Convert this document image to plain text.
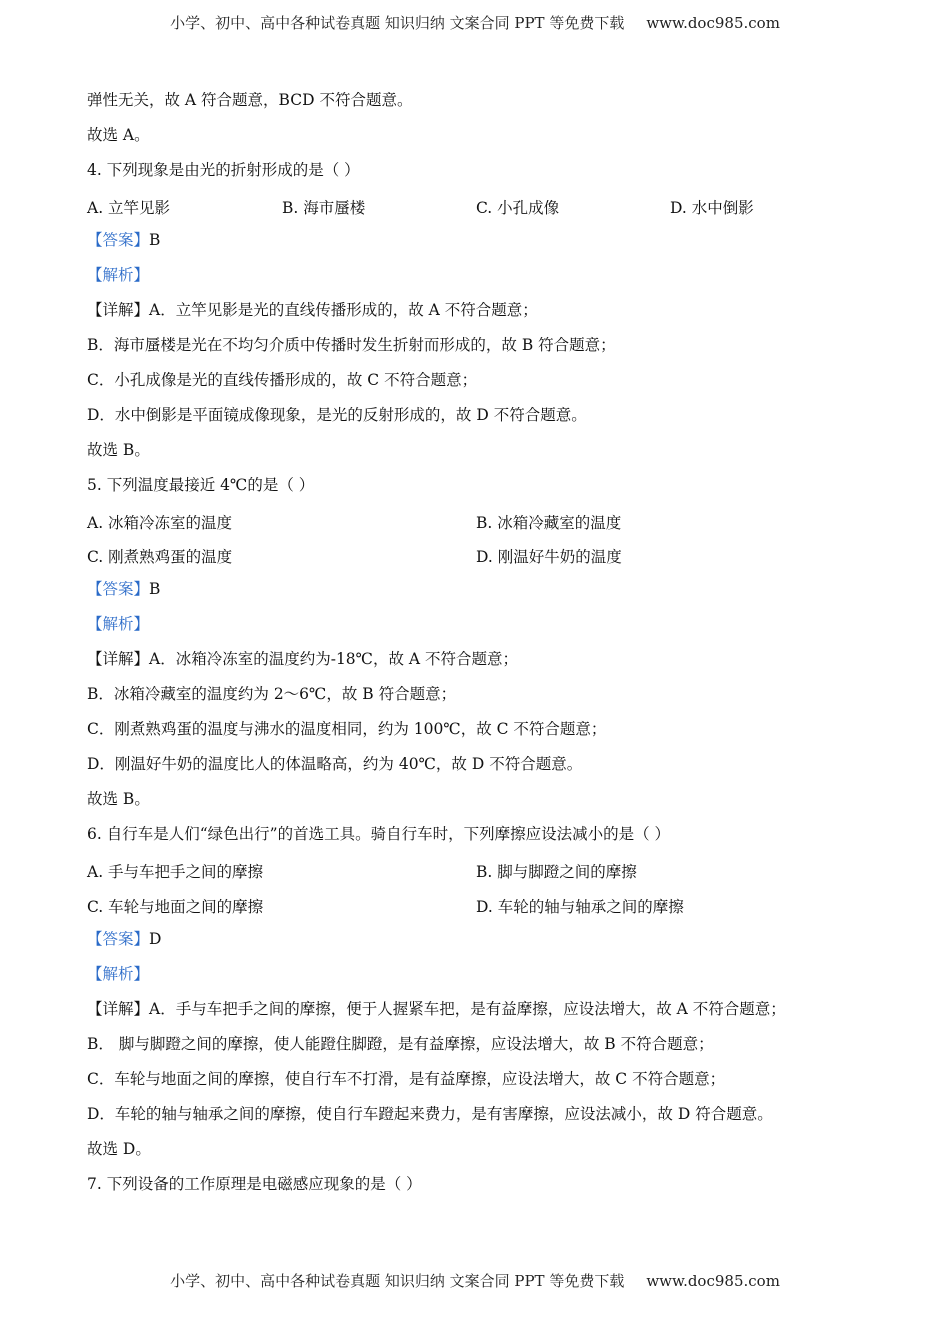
小学、初中、高中各种试卷真题 知识归纳 文案合同 PPT 等免费下载 www.doc985.com
弹性无关，故 A 符合题意，BCD 不符合题意。
故选 A。
4. 下列现象是由光的折射形成的是（ ）
A. 立竿见影	B. 海市蜃楼	C. 小孔成像	D. 水中倒影
【答案】B
【解析】
【详解】A．立竿见影是光的直线传播形成的，故 A 不符合题意；
B．海市蜃楼是光在不均匀介质中传播时发生折射而形成的，故 B 符合题意；
C．小孔成像是光的直线传播形成的，故 C 不符合题意；
D．水中倒影是平面镜成像现象，是光的反射形成的，故 D 不符合题意。
故选 B。
5. 下列温度最接近 4℃的是（ ）
A. 冰箱冷冻室的温度	B. 冰箱冷藏室的温度
C. 刚煮熟鸡蛋的温度	D. 刚温好牛奶的温度
【答案】B
【解析】
【详解】A．冰箱冷冻室的温度约为-18℃，故 A 不符合题意；
B．冰箱冷藏室的温度约为 2～6℃，故 B 符合题意；
C．刚煮熟鸡蛋的温度与沸水的温度相同，约为 100℃，故 C 不符合题意；
D．刚温好牛奶的温度比人的体温略高，约为 40℃，故 D 不符合题意。
故选 B。
6. 自行车是人们“绿色出行”的首选工具。骑自行车时，下列摩擦应设法减小的是（ ）
A. 手与车把手之间的摩擦	B. 脚与脚蹬之间的摩擦
C. 车轮与地面之间的摩擦	D. 车轮的轴与轴承之间的摩擦
【答案】D
【解析】
【详解】A．手与车把手之间的摩擦，便于人握紧车把，是有益摩擦，应设法增大，故 A 不符合题意；
B． 脚与脚蹬之间的摩擦，使人能蹬住脚蹬，是有益摩擦，应设法增大，故 B 不符合题意；
C．车轮与地面之间的摩擦，使自行车不打滑，是有益摩擦，应设法增大，故 C 不符合题意；
D．车轮的轴与轴承之间的摩擦，使自行车蹬起来费力，是有害摩擦，应设法减小，故 D 符合题意。
故选 D。
7. 下列设备的工作原理是电磁感应现象的是（ ）
小学、初中、高中各种试卷真题 知识归纳 文案合同 PPT 等免费下载 www.doc985.com
